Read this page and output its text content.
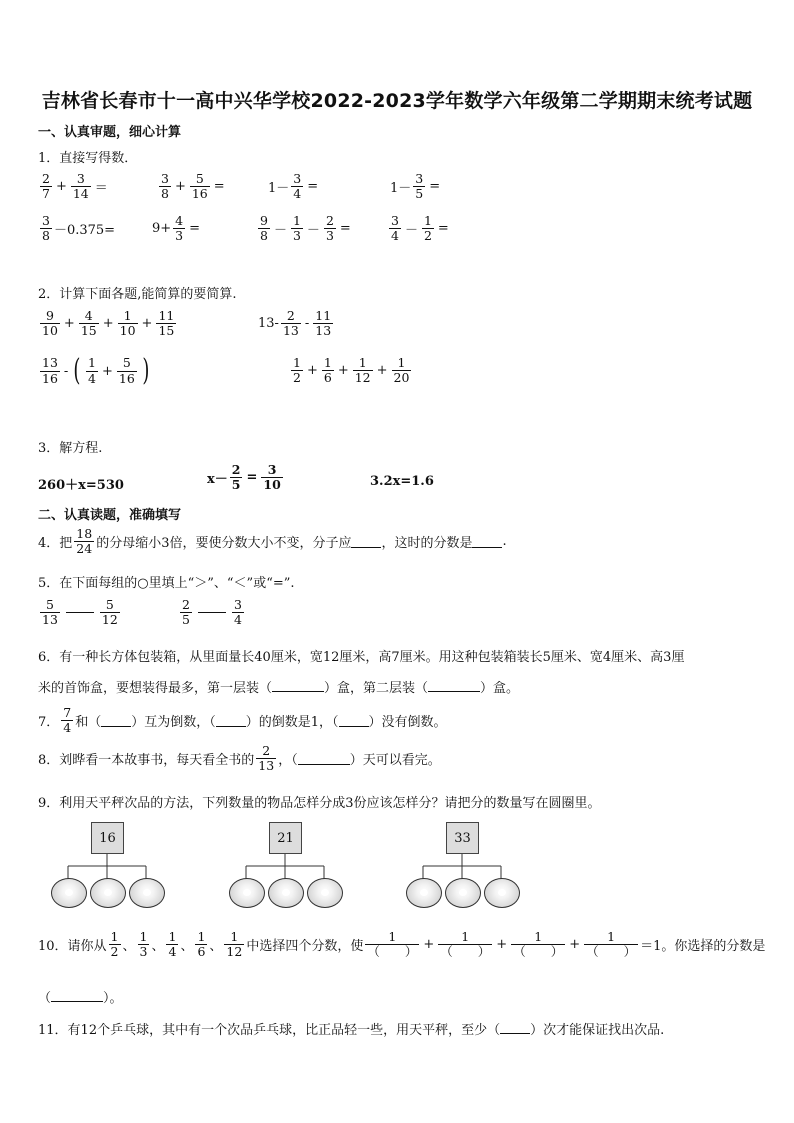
吉林省长春市十一高中兴华学校2022-2023学年数学六年级第二学期期末统考试题
一、认真审题，细心计算
1．直接写得数．
$\frac{2}{7} + \frac{3}{14}$ ＝	$\frac{3}{8} + \frac{5}{16}$ =	$1- \frac{3}{4}$ =	$1- \frac{3}{5}$ =
$\frac{3}{8} -0.375=$	$9+ \frac{4}{3}$ =	$\frac{9}{8} - \frac{1}{3} - \frac{2}{3}$ =	$\frac{3}{4} - \frac{1}{2}$ =
2．计算下面各题,能简算的要简算.
$\frac{9}{10} + \frac{4}{15} + \frac{1}{10} + \frac{11}{15}$	$13- \frac{2}{13} - \frac{11}{13}$
$\frac{13}{16}$ - ( $\frac{1}{4} + \frac{5}{16}$ )	$\frac{1}{2} + \frac{1}{6} + \frac{1}{12} + \frac{1}{20}$
3．解方程.
260＋x=530	$x- \frac{2}{5} = \frac{3}{10}$	3.2x=1.6
二、认真读题，准确填写
4．把 $\frac{18}{24}$ 的分母缩小3倍，要使分数大小不变，分子应 ，这时的分数是 .
5．在下面每组的○里填上“＞”、“＜”或“=”.
$\frac{5}{13}$	$\frac{5}{12}$	$\frac{2}{5}$	$\frac{3}{4}$
6．有一种长方体包装箱，从里面量长40厘米，宽12厘米，高7厘米。用这种包装箱装长5厘米、宽4厘米、高3厘
米的首饰盒，要想装得最多，第一层装（	）盒，第二层装（	）盒。
7． $\frac{7}{4}$ 和（ ）互为倒数，（ ）的倒数是1，（ ）没有倒数。
8．刘晔看一本故事书，每天看全书的 $\frac{2}{13}$ ，（	）天可以看完。
9．利用天平秤次品的方法，下列数量的物品怎样分成3份应该怎样分？请把分的数量写在圆圈里。
16	21	33
10．请你从 $\frac{1}{2}$ 、 $\frac{1}{3}$ 、 $\frac{1}{4}$ 、 $\frac{1}{6}$ 、 $\frac{1}{12}$ 中选择四个分数，使 $\frac{1}{( )} + \frac{1}{( )} + \frac{1}{( )} + \frac{1}{( )} =1$。你选择的分数是
（	）。
11．有12个乒乓球，其中有一个次品乒乓球，比正品轻一些，用天平秤，至少（ ）次才能保证找出次品.
